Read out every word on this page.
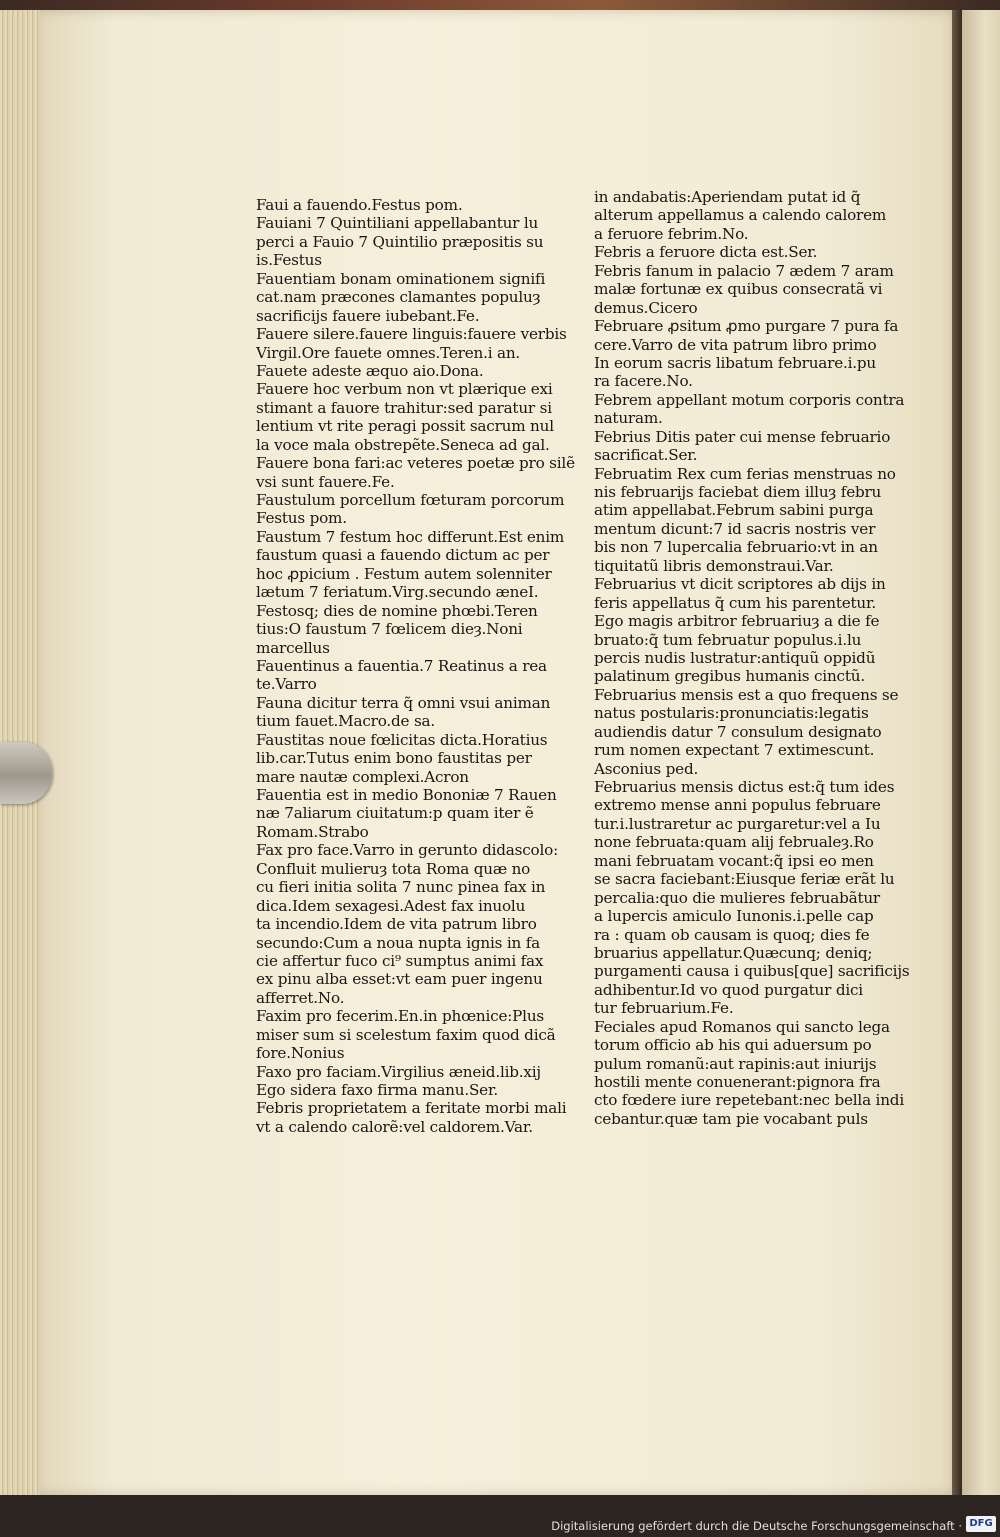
Faui a fauendo.Festus pom.
Fauiani 7 Quintiliani appellabantur lu
perci a Fauio 7 Quintilio præpositis su
is.Festus
Fauentiam bonam ominationem signifi
cat.nam præcones clamantes populuȝ
sacrificijs fauere iubebant.Fe.
Fauere silere.fauere linguis:fauere verbis
Virgil.Ore fauete omnes.Teren.i an.
Fauete adeste æquo aio.Dona.
Fauere hoc verbum non vt plærique exi
stimant a fauore trahitur:sed paratur si
lentium vt rite peragi possit sacrum nul
la voce mala obstrepẽte.Seneca ad gal.
Fauere bona fari:ac veteres poetæ pro silẽ
vsi sunt fauere.Fe.
Faustulum porcellum fœturam porcorum
Festus pom.
Faustum 7 festum hoc differunt.Est enim
faustum quasi a fauendo dictum ac per
hoc ꝓpicium . Festum autem solenniter
lætum 7 feriatum.Virg.secundo æneI.
Festosq; dies de nomine phœbi.Teren
tius:O faustum 7 fœlicem dieȝ.Noni
marcellus
Fauentinus a fauentia.7 Reatinus a rea
te.Varro
Fauna dicitur terra q̃ omni vsui animan
tium fauet.Macro.de sa.
Faustitas noue fœlicitas dicta.Horatius
lib.car.Tutus enim bono faustitas per
mare nautæ complexi.Acron
Fauentia est in medio Bononiæ 7 Rauen
næ 7aliarum ciuitatum:p quam iter ẽ
Romam.Strabo
Fax pro face.Varro in gerunto didascolo:
Confluit mulieruȝ tota Roma quæ no
cu fieri initia solita 7 nunc pinea fax in
dica.Idem sexagesi.Adest fax inuolu
ta incendio.Idem de vita patrum libro
secundo:Cum a noua nupta ignis in fa
cie affertur fuco ci⁹ sumptus animi fax
ex pinu alba esset:vt eam puer ingenu
afferret.No.
Faxim pro fecerim.En.in phœnice:Plus
miser sum si scelestum faxim quod dicã
fore.Nonius
Faxo pro faciam.Virgilius æneid.lib.xij
Ego sidera faxo firma manu.Ser.
Febris proprietatem a feritate morbi mali
vt a calendo calorẽ:vel caldorem.Var.
in andabatis:Aperiendam putat id q̃
alterum appellamus a calendo calorem
a feruore febrim.No.
Febris a feruore dicta est.Ser.
Febris fanum in palacio 7 ædem 7 aram
malæ fortunæ ex quibus consecratã vi
demus.Cicero
Februare ꝓsitum ꝓmo purgare 7 pura fa
cere.Varro de vita patrum libro primo
In eorum sacris libatum februare.i.pu
ra facere.No.
Febrem appellant motum corporis contra
naturam.
Febrius Ditis pater cui mense februario
sacrificat.Ser.
Februatim Rex cum ferias menstruas no
nis februarijs faciebat diem illuȝ febru
atim appellabat.Februm sabini purga
mentum dicunt:7 id sacris nostris ver
bis non 7 lupercalia februario:vt in an
tiquitatũ libris demonstraui.Var.
Februarius vt dicit scriptores ab dijs in
feris appellatus q̃ cum his parentetur.
Ego magis arbitror februariuȝ a die fe
bruato:q̃ tum februatur populus.i.lu
percis nudis lustratur:antiquũ oppidũ
palatinum gregibus humanis cinctũ.
Februarius mensis est a quo frequens se
natus postularis:pronunciatis:legatis
audiendis datur 7 consulum designato
rum nomen expectant 7 extimescunt.
Asconius ped.
Februarius mensis dictus est:q̃ tum ides
extremo mense anni populus februare
tur.i.lustraretur ac purgaretur:vel a Iu
none februata:quam alij februaleȝ.Ro
mani februatam vocant:q̃ ipsi eo men
se sacra faciebant:Eiusque feriæ erãt lu
percalia:quo die mulieres februabãtur
a lupercis amiculo Iunonis.i.pelle cap
ra : quam ob causam is quoq; dies fe
bruarius appellatur.Quæcunq; deniq;
purgamenti causa i quibus[que] sacrificijs
adhibentur.Id vo quod purgatur dici
tur februarium.Fe.
Feciales apud Romanos qui sancto lega
torum officio ab his qui aduersum po
pulum romanũ:aut rapinis:aut iniurijs
hostili mente conuenerant:pignora fra
cto fœdere iure repetebant:nec bella indi
cebantur.quæ tam pie vocabant puls
Digitalisierung gefördert durch die Deutsche Forschungsgemeinschaft · DFG
